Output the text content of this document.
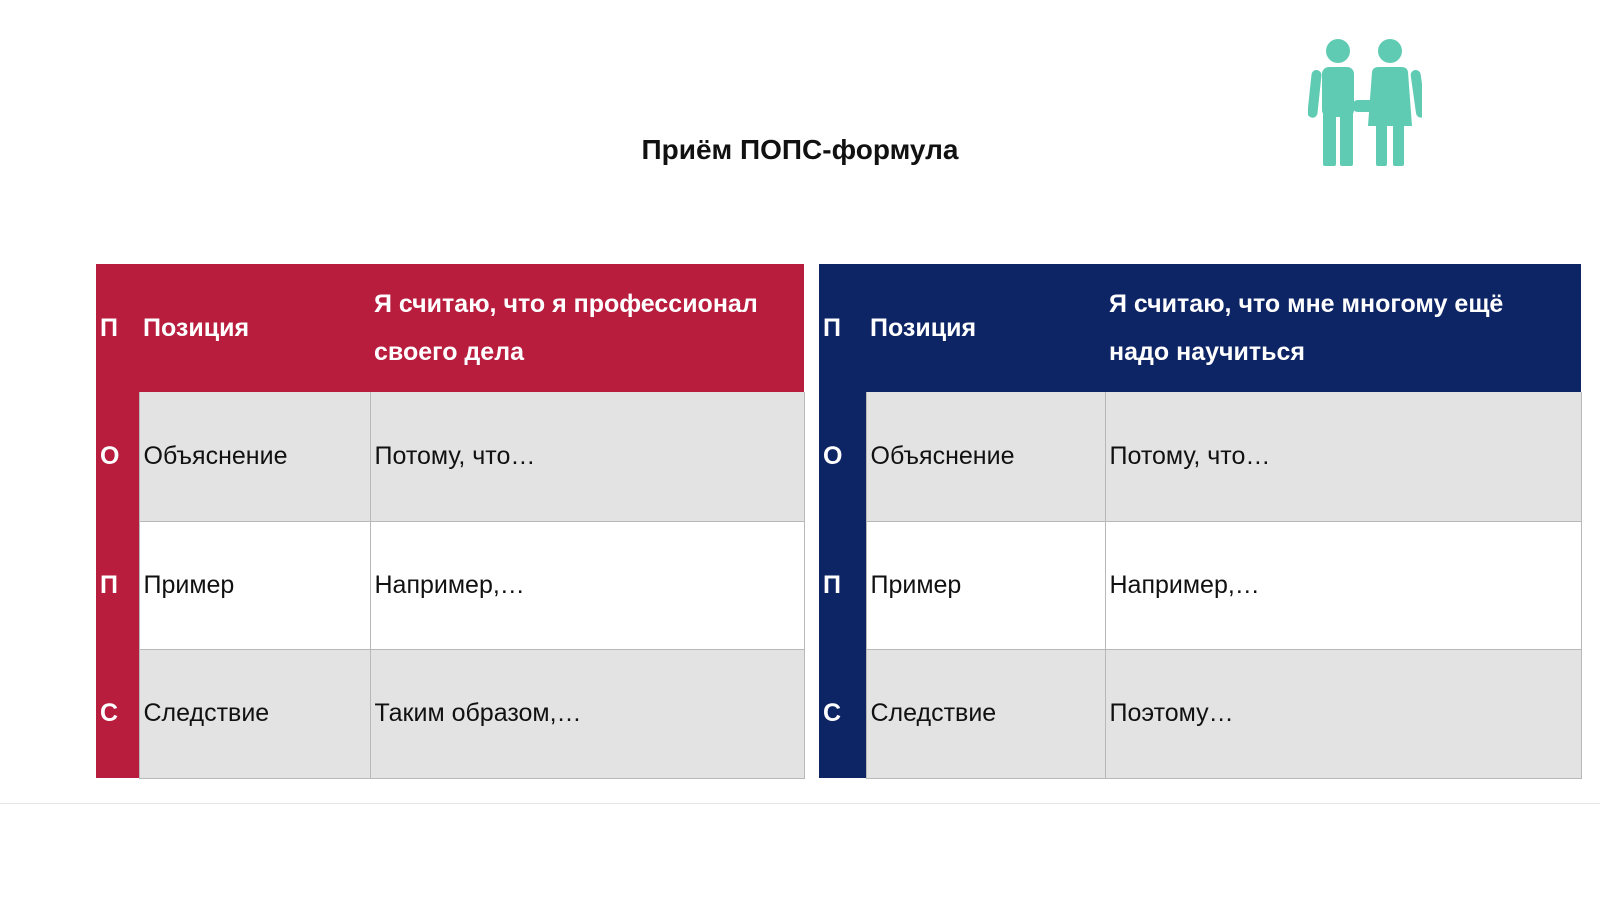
Приём ПОПС-формула
П	Позиция	Я считаю, что я профессионал своего дела
О	Объяснение	Потому, что…
П	Пример	Например,…
С	Следствие	Таким образом,…
П	Позиция	Я считаю, что мне многому ещё надо научиться
О	Объяснение	Потому, что…
П	Пример	Например,…
С	Следствие	Поэтому…
